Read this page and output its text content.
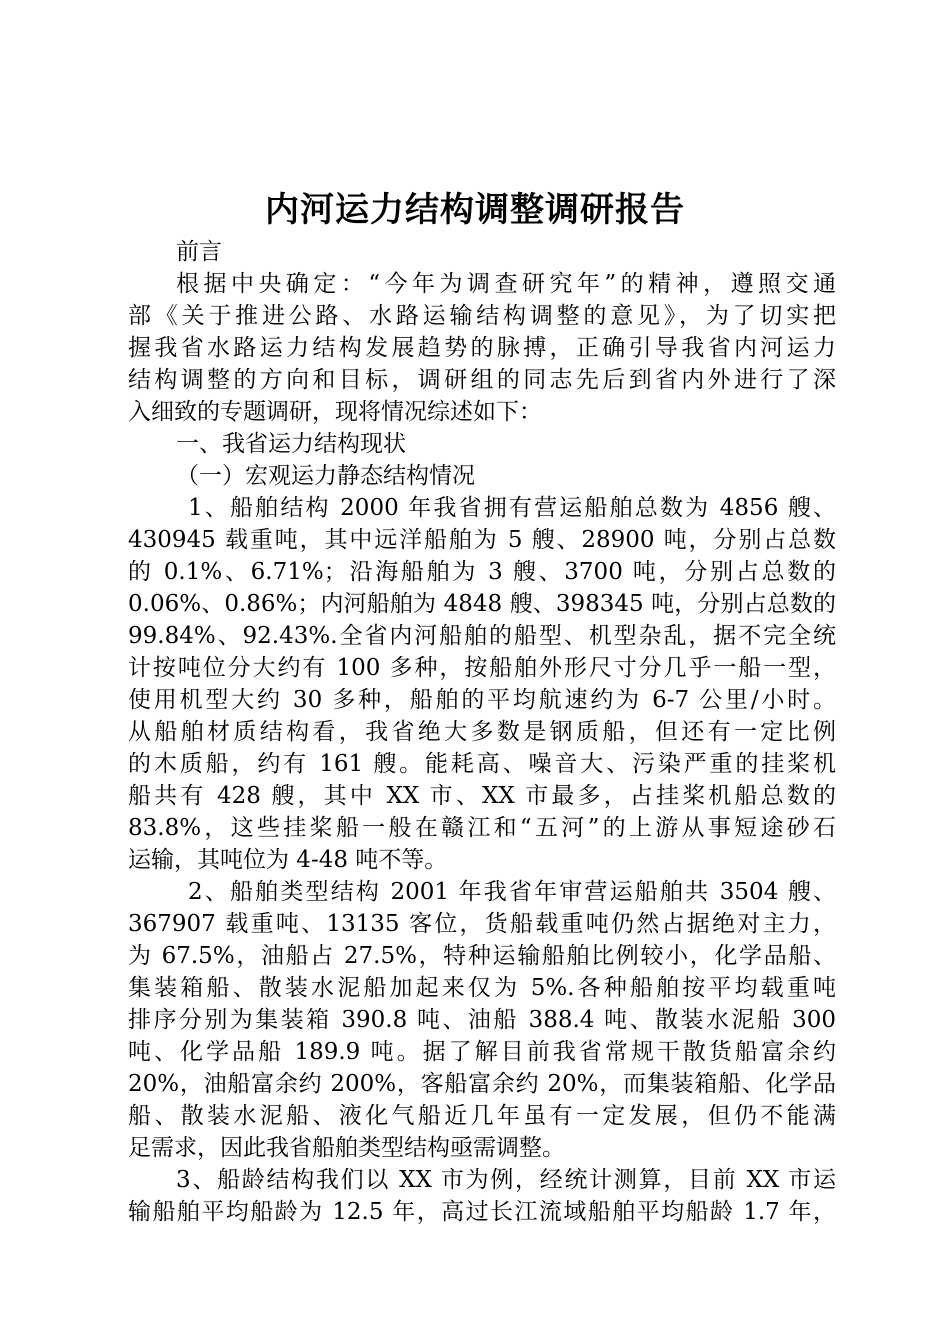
内河运力结构调整调研报告
前言
根据中央确定：“今年为调查研究年”的精神，遵照交通
部《关于推进公路、水路运输结构调整的意见》，为了切实把
握我省水路运力结构发展趋势的脉搏，正确引导我省内河运力
结构调整的方向和目标，调研组的同志先后到省内外进行了深
入细致的专题调研，现将情况综述如下：
一、我省运力结构现状
（一）宏观运力静态结构情况
1、船舶结构 2000 年我省拥有营运船舶总数为 4856 艘、
430945 载重吨，其中远洋船舶为 5 艘、28900 吨，分别占总数
的 0.1%、6.71%；沿海船舶为 3 艘、3700 吨，分别占总数的
0.06%、0.86%；内河船舶为 4848 艘、398345 吨，分别占总数的
99.84%、92.43%.全省内河船舶的船型、机型杂乱，据不完全统
计按吨位分大约有 100 多种，按船舶外形尺寸分几乎一船一型，
使用机型大约 30 多种，船舶的平均航速约为 6-7 公里/小时。
从船舶材质结构看，我省绝大多数是钢质船，但还有一定比例
的木质船，约有 161 艘。能耗高、噪音大、污染严重的挂桨机
船共有 428 艘，其中 XX 市、XX 市最多，占挂桨机船总数的
83.8%，这些挂桨船一般在赣江和“五河”的上游从事短途砂石
运输，其吨位为 4-48 吨不等。
2、船舶类型结构 2001 年我省年审营运船舶共 3504 艘、
367907 载重吨、13135 客位，货船载重吨仍然占据绝对主力，
为 67.5%，油船占 27.5%，特种运输船舶比例较小，化学品船、
集装箱船、散装水泥船加起来仅为 5%.各种船舶按平均载重吨
排序分别为集装箱 390.8 吨、油船 388.4 吨、散装水泥船 300
吨、化学品船 189.9 吨。据了解目前我省常规干散货船富余约
20%，油船富余约 200%，客船富余约 20%，而集装箱船、化学品
船、散装水泥船、液化气船近几年虽有一定发展，但仍不能满
足需求，因此我省船舶类型结构亟需调整。
3、船龄结构我们以 XX 市为例，经统计测算，目前 XX 市运
输船舶平均船龄为 12.5 年，高过长江流域船舶平均船龄 1.7 年，
